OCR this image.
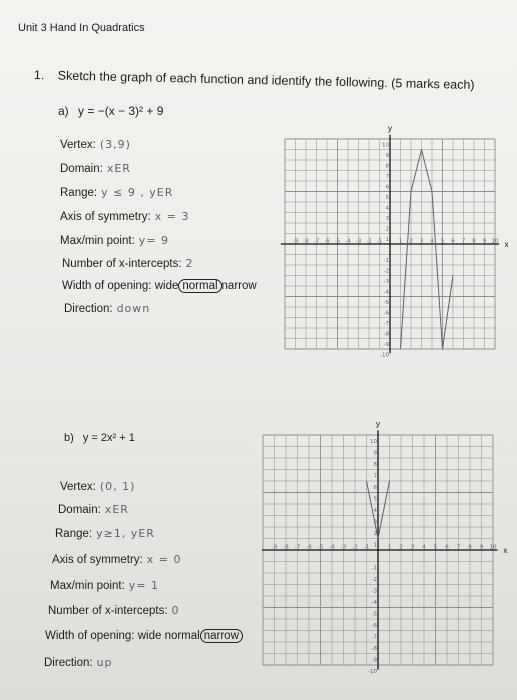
Unit 3 Hand In Quadratics
1. Sketch the graph of each function and identify the following. (5 marks each)
a) y = −(x − 3)² + 9
Vertex: (3,9)
Domain: xER
Range: y ≤ 9 , yER
Axis of symmetry: x = 3
Max/min point: y= 9
Number of x-intercepts: 2
Width of opening: wide normal narrow
Direction: down
b) y = 2x² + 1
Vertex: (0, 1)
Domain: xER
Range: y≥1, yER
Axis of symmetry: x = 0
Max/min point: y= 1
Number of x-intercepts: 0
Width of opening: wide normal narrow
Direction: up
x
y
-9 -8 -7 -6 -5 -4 -3 -2 -1	1 2 3 4 5 6 7 8 9 10
10
9
8
7
6
5
4
3
2
1
-1
-2
-3
-4
-5
-6
-7
-8
-9
-10
x
y
-9 -8 -7 -6 -5 -4 -3 -2 -1	1 2 3 4 5 6 7 8 9 10
10
9
8
7
6
5
4
3
2
1
-1
-2
-3
-4
-5
-6
-7
-8
-9
-10
